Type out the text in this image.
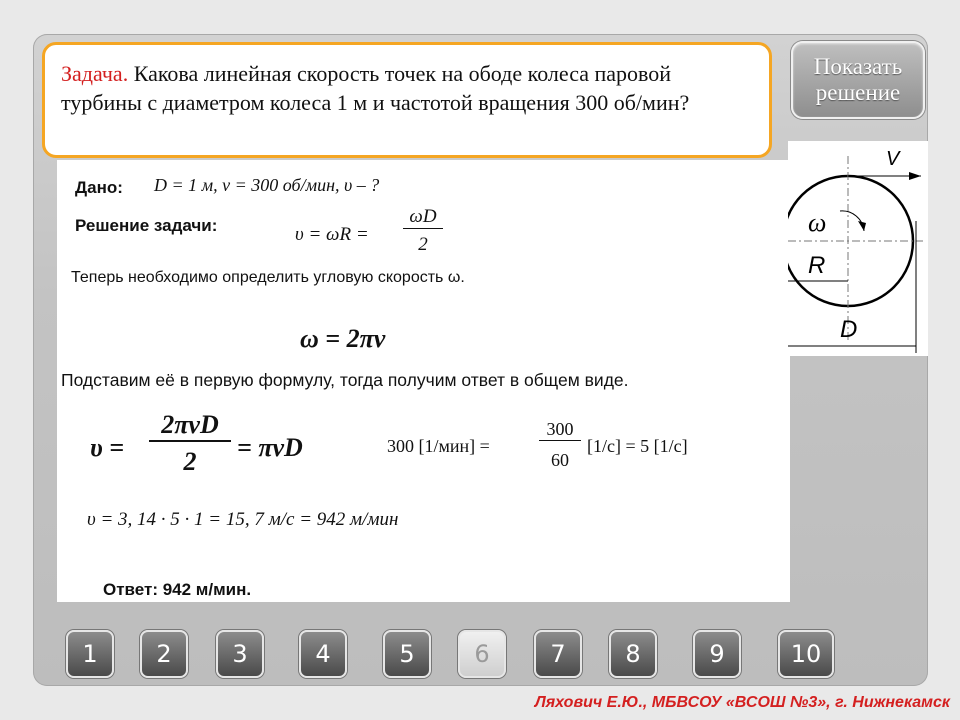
Задача. Какова линейная скорость точек на ободе колеса паровой турбины с диаметром колеса 1 м и частотой вращения 300 об/мин?
Показать
решение
Дано: D = 1 м, ν = 300 об/мин, υ – ?
Решение задачи:	υ = ωR =
ωD
2
Теперь необходимо определить угловую скорость ω.
ω = 2πν
Подставим её в первую формулу, тогда получим ответ в общем виде.
υ =
2πνD
2	= πνD	300 [1/мин] =
300
60
[1/c] = 5 [1/c]
υ = 3, 14 · 5 · 1 = 15, 7 м/с = 942 м/мин
Ответ: 942 м/мин.
V
ω
R
D
1	2	3	4	5	6	7	8	9	10
Ляхович Е.Ю., МБВСОУ «ВСОШ №3», г. Нижнекамск
